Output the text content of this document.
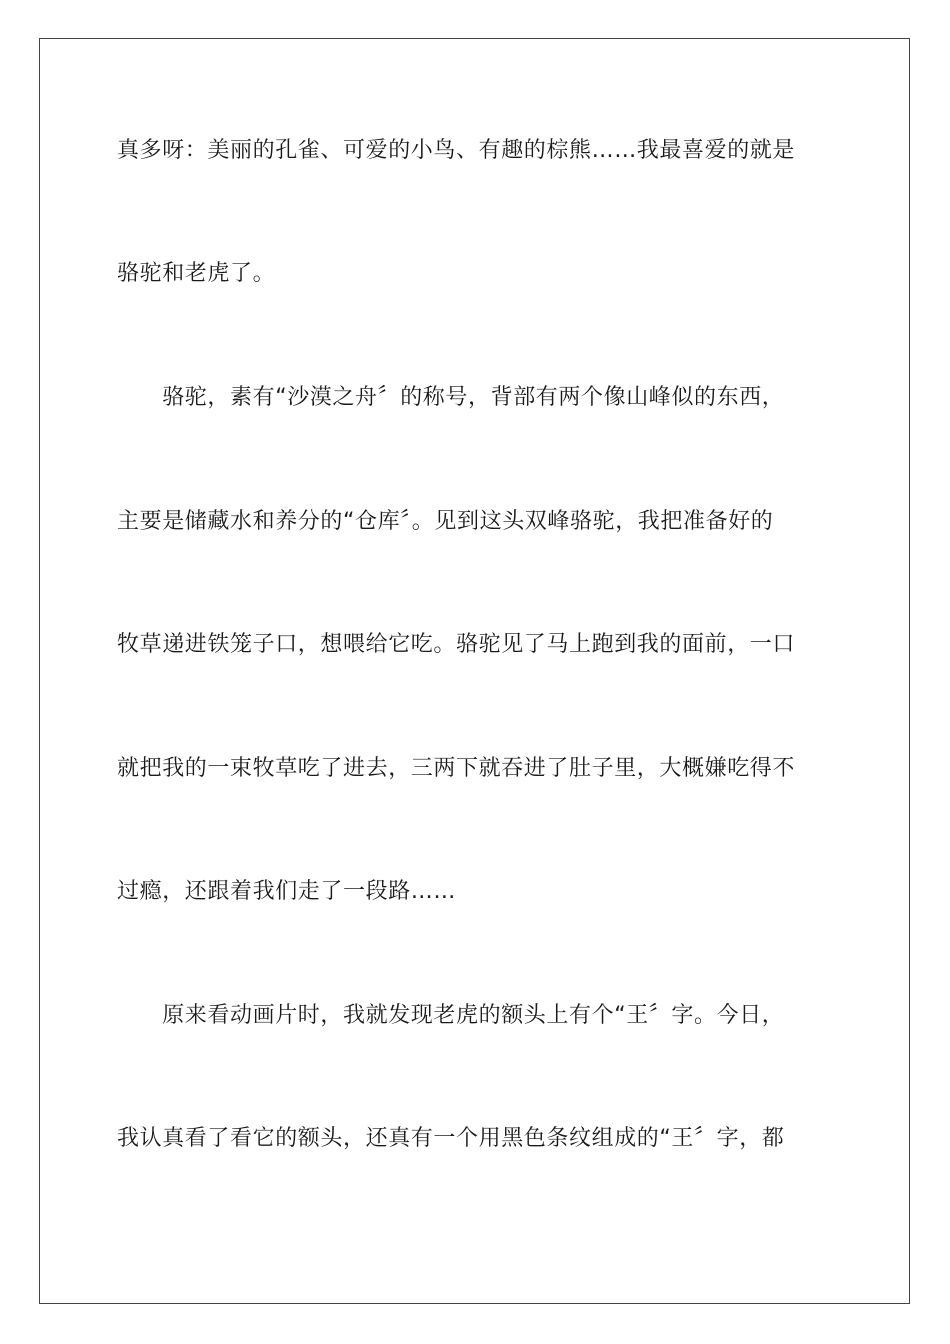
真多呀：美丽的孔雀、可爱的小鸟、有趣的棕熊……我最喜爱的就是
骆驼和老虎了。
　　骆驼，素有“沙漠之舟〞的称号，背部有两个像山峰似的东西，
主要是储藏水和养分的“仓库〞。见到这头双峰骆驼，我把准备好的
牧草递进铁笼子口，想喂给它吃。骆驼见了马上跑到我的面前，一口
就把我的一束牧草吃了进去，三两下就吞进了肚子里，大概嫌吃得不
过瘾，还跟着我们走了一段路……
　　原来看动画片时，我就发现老虎的额头上有个“王〞字。今日，
我认真看了看它的额头，还真有一个用黑色条纹组成的“王〞字，都
